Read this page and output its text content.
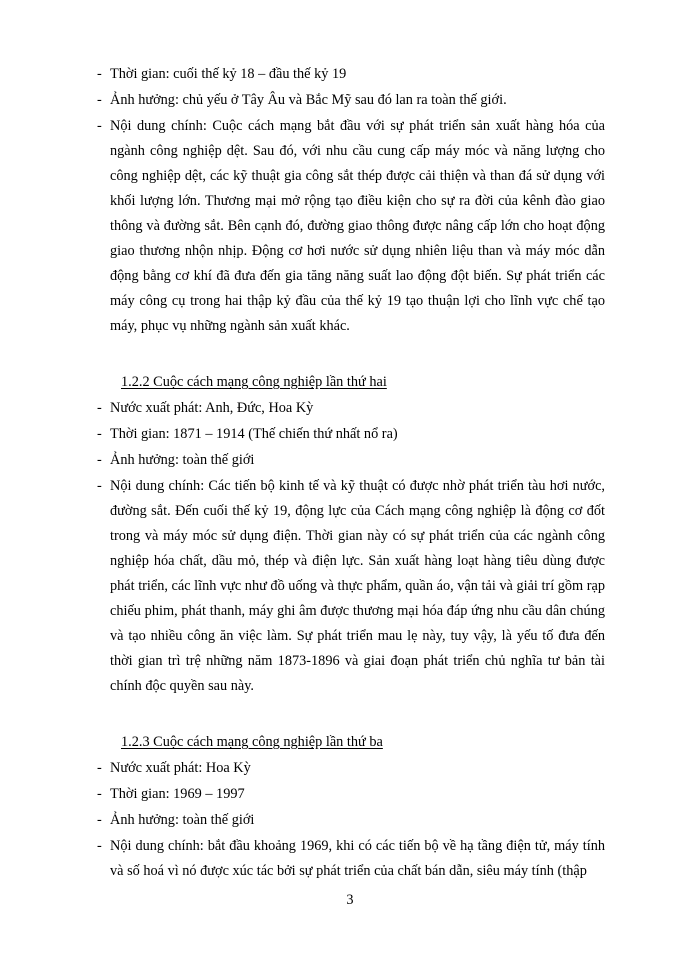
- Thời gian: cuối thế kỷ 18 – đầu thế kỷ 19
- Ảnh hưởng: chủ yếu ở Tây Âu và Bắc Mỹ sau đó lan ra toàn thế giới.
- Nội dung chính: Cuộc cách mạng bắt đầu với sự phát triển sản xuất hàng hóa của ngành công nghiệp dệt. Sau đó, với nhu cầu cung cấp máy móc và năng lượng cho công nghiệp dệt, các kỹ thuật gia công sắt thép được cải thiện và than đá sử dụng với khối lượng lớn. Thương mại mở rộng tạo điều kiện cho sự ra đời của kênh đào giao thông và đường sắt. Bên cạnh đó, đường giao thông được nâng cấp lớn cho hoạt động giao thương nhộn nhịp. Động cơ hơi nước sử dụng nhiên liệu than và máy móc dẫn động bằng cơ khí đã đưa đến gia tăng năng suất lao động đột biến. Sự phát triển các máy công cụ trong hai thập kỷ đầu của thế kỷ 19 tạo thuận lợi cho lĩnh vực chế tạo máy, phục vụ những ngành sản xuất khác.
1.2.2 Cuộc cách mạng công nghiệp lần thứ hai
- Nước xuất phát: Anh, Đức, Hoa Kỳ
- Thời gian: 1871 – 1914 (Thế chiến thứ nhất nổ ra)
- Ảnh hưởng: toàn thế giới
- Nội dung chính: Các tiến bộ kinh tế và kỹ thuật có được nhờ phát triển tàu hơi nước, đường sắt. Đến cuối thế kỷ 19, động lực của Cách mạng công nghiệp là động cơ đốt trong và máy móc sử dụng điện. Thời gian này có sự phát triển của các ngành công nghiệp hóa chất, dầu mỏ, thép và điện lực. Sản xuất hàng loạt hàng tiêu dùng được phát triển, các lĩnh vực như đồ uống và thực phẩm, quần áo, vận tải và giải trí gồm rạp chiếu phim, phát thanh, máy ghi âm được thương mại hóa đáp ứng nhu cầu dân chúng và tạo nhiều công ăn việc làm. Sự phát triển mau lẹ này, tuy vậy, là yếu tố đưa đến thời gian trì trệ những năm 1873-1896 và giai đoạn phát triển chủ nghĩa tư bản tài chính độc quyền sau này.
1.2.3 Cuộc cách mạng công nghiệp lần thứ ba
- Nước xuất phát: Hoa Kỳ
- Thời gian: 1969 – 1997
- Ảnh hưởng: toàn thế giới
- Nội dung chính: bắt đầu khoảng 1969, khi có các tiến bộ về hạ tầng điện tử, máy tính và số hoá vì nó được xúc tác bởi sự phát triển của chất bán dẫn, siêu máy tính (thập
3
